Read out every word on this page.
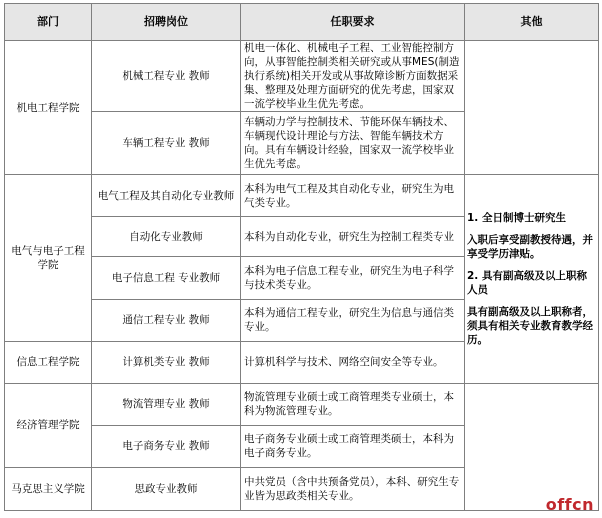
部门	招聘岗位	任职要求	其他
机电工程学院	机械工程专业 教师	机电一体化、机械电子工程、工业智能控制方向，从事智能控制类相关研究或从事MES(制造执行系统)相关开发或从事故障诊断方面数据采集、整理及处理方面研究的优先考虑，国家双一流学校毕业生优先考虑。	
	车辆工程专业 教师	车辆动力学与控制技术、节能环保车辆技术、车辆现代设计理论与方法、智能车辆技术方向。具有车辆设计经验，国家双一流学校毕业生优先考虑。	
电气与电子工程学院	电气工程及其自动化专业教师	本科为电气工程及其自动化专业，研究生为电气类专业。	1. 全日制博士研究生
入职后享受副教授待遇，并享受学历津贴。
2. 具有副高级及以上职称人员
具有副高级及以上职称者，须具有相关专业教育教学经历。

	自动化专业教师	本科为自动化专业，研究生为控制工程类专业	
	电子信息工程 专业教师	本科为电子信息工程专业，研究生为电子科学与技术类专业。	
	通信工程专业 教师	本科为通信工程专业，研究生为信息与通信类专业。	
信息工程学院	计算机类专业 教师	计算机科学与技术、网络空间安全等专业。	
经济管理学院	物流管理专业 教师	物流管理专业硕士或工商管理类专业硕士，本科为物流管理专业。	
	电子商务专业 教师	电子商务专业硕士或工商管理类硕士，本科为电子商务专业。	
马克思主义学院	思政专业教师	中共党员（含中共预备党员），本科、研究生专业皆为思政类相关专业。		offcn
